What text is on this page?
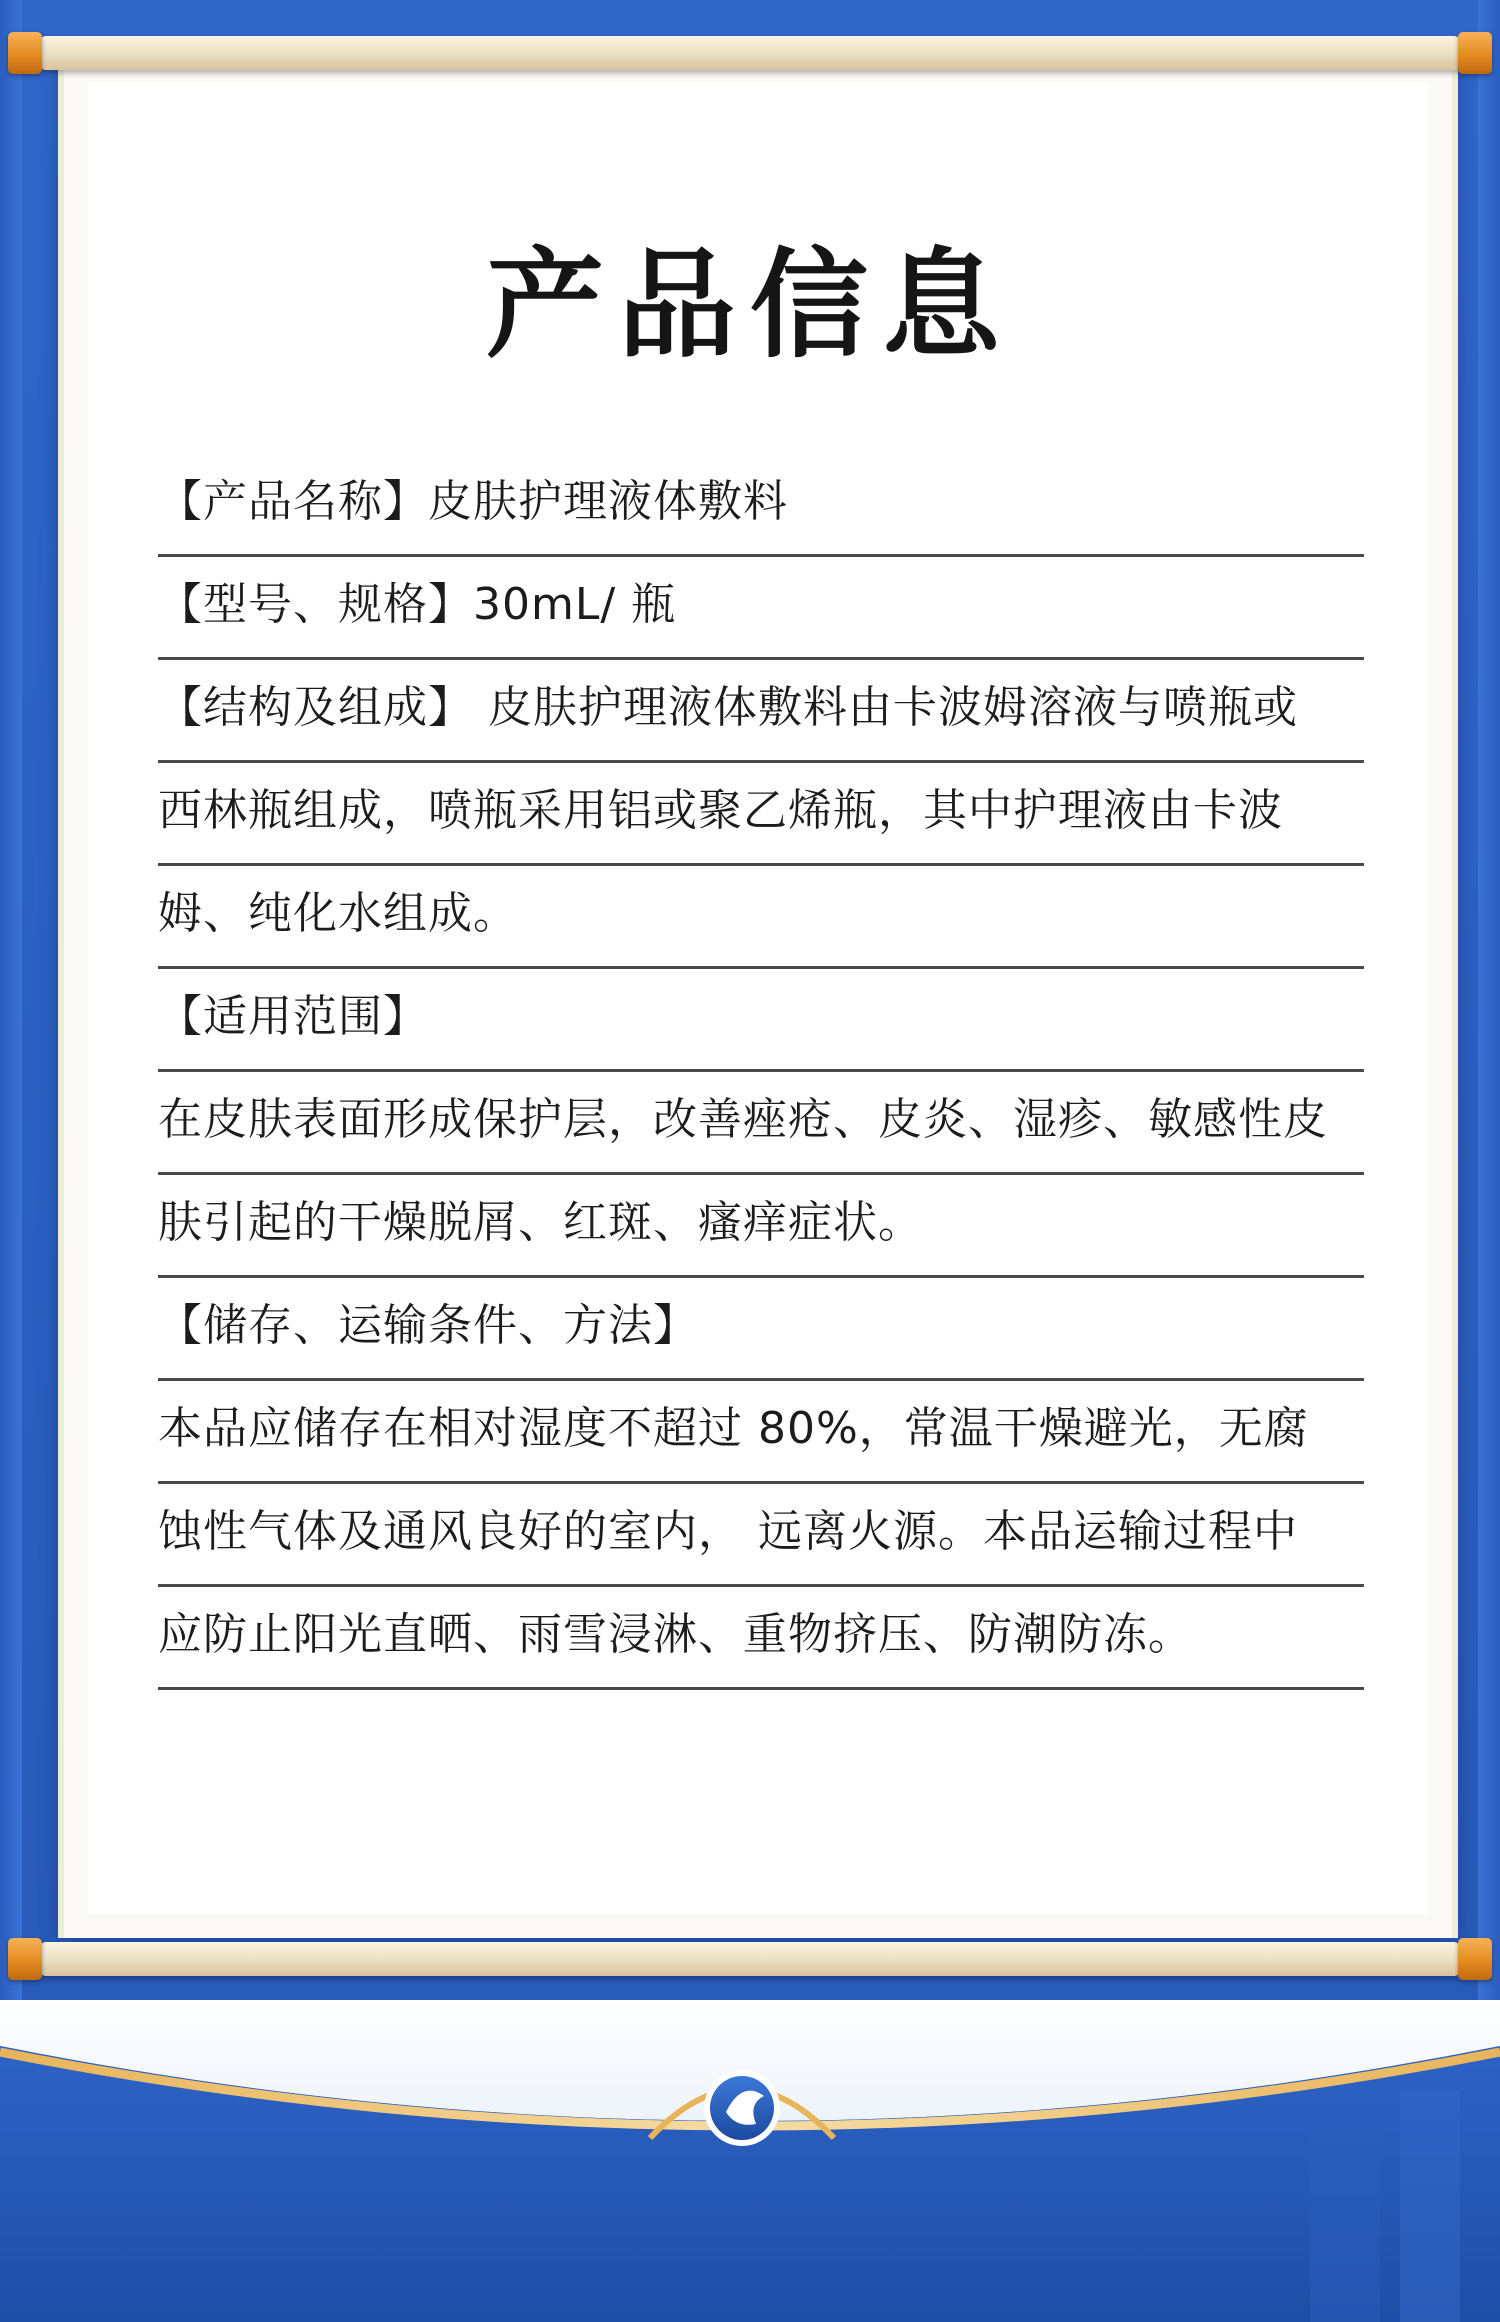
产品信息
【产品名称】皮肤护理液体敷料
【型号、规格】30mL/ 瓶
【结构及组成】 皮肤护理液体敷料由卡波姆溶液与喷瓶或
西林瓶组成，喷瓶采用铝或聚乙烯瓶，其中护理液由卡波
姆、纯化水组成。
【适用范围】
在皮肤表面形成保护层，改善痤疮、皮炎、湿疹、敏感性皮
肤引起的干燥脱屑、红斑、瘙痒症状。
【储存、运输条件、方法】
本品应储存在相对湿度不超过 80%，常温干燥避光，无腐
蚀性气体及通风良好的室内， 远离火源。本品运输过程中
应防止阳光直晒、雨雪浸淋、重物挤压、防潮防冻。
